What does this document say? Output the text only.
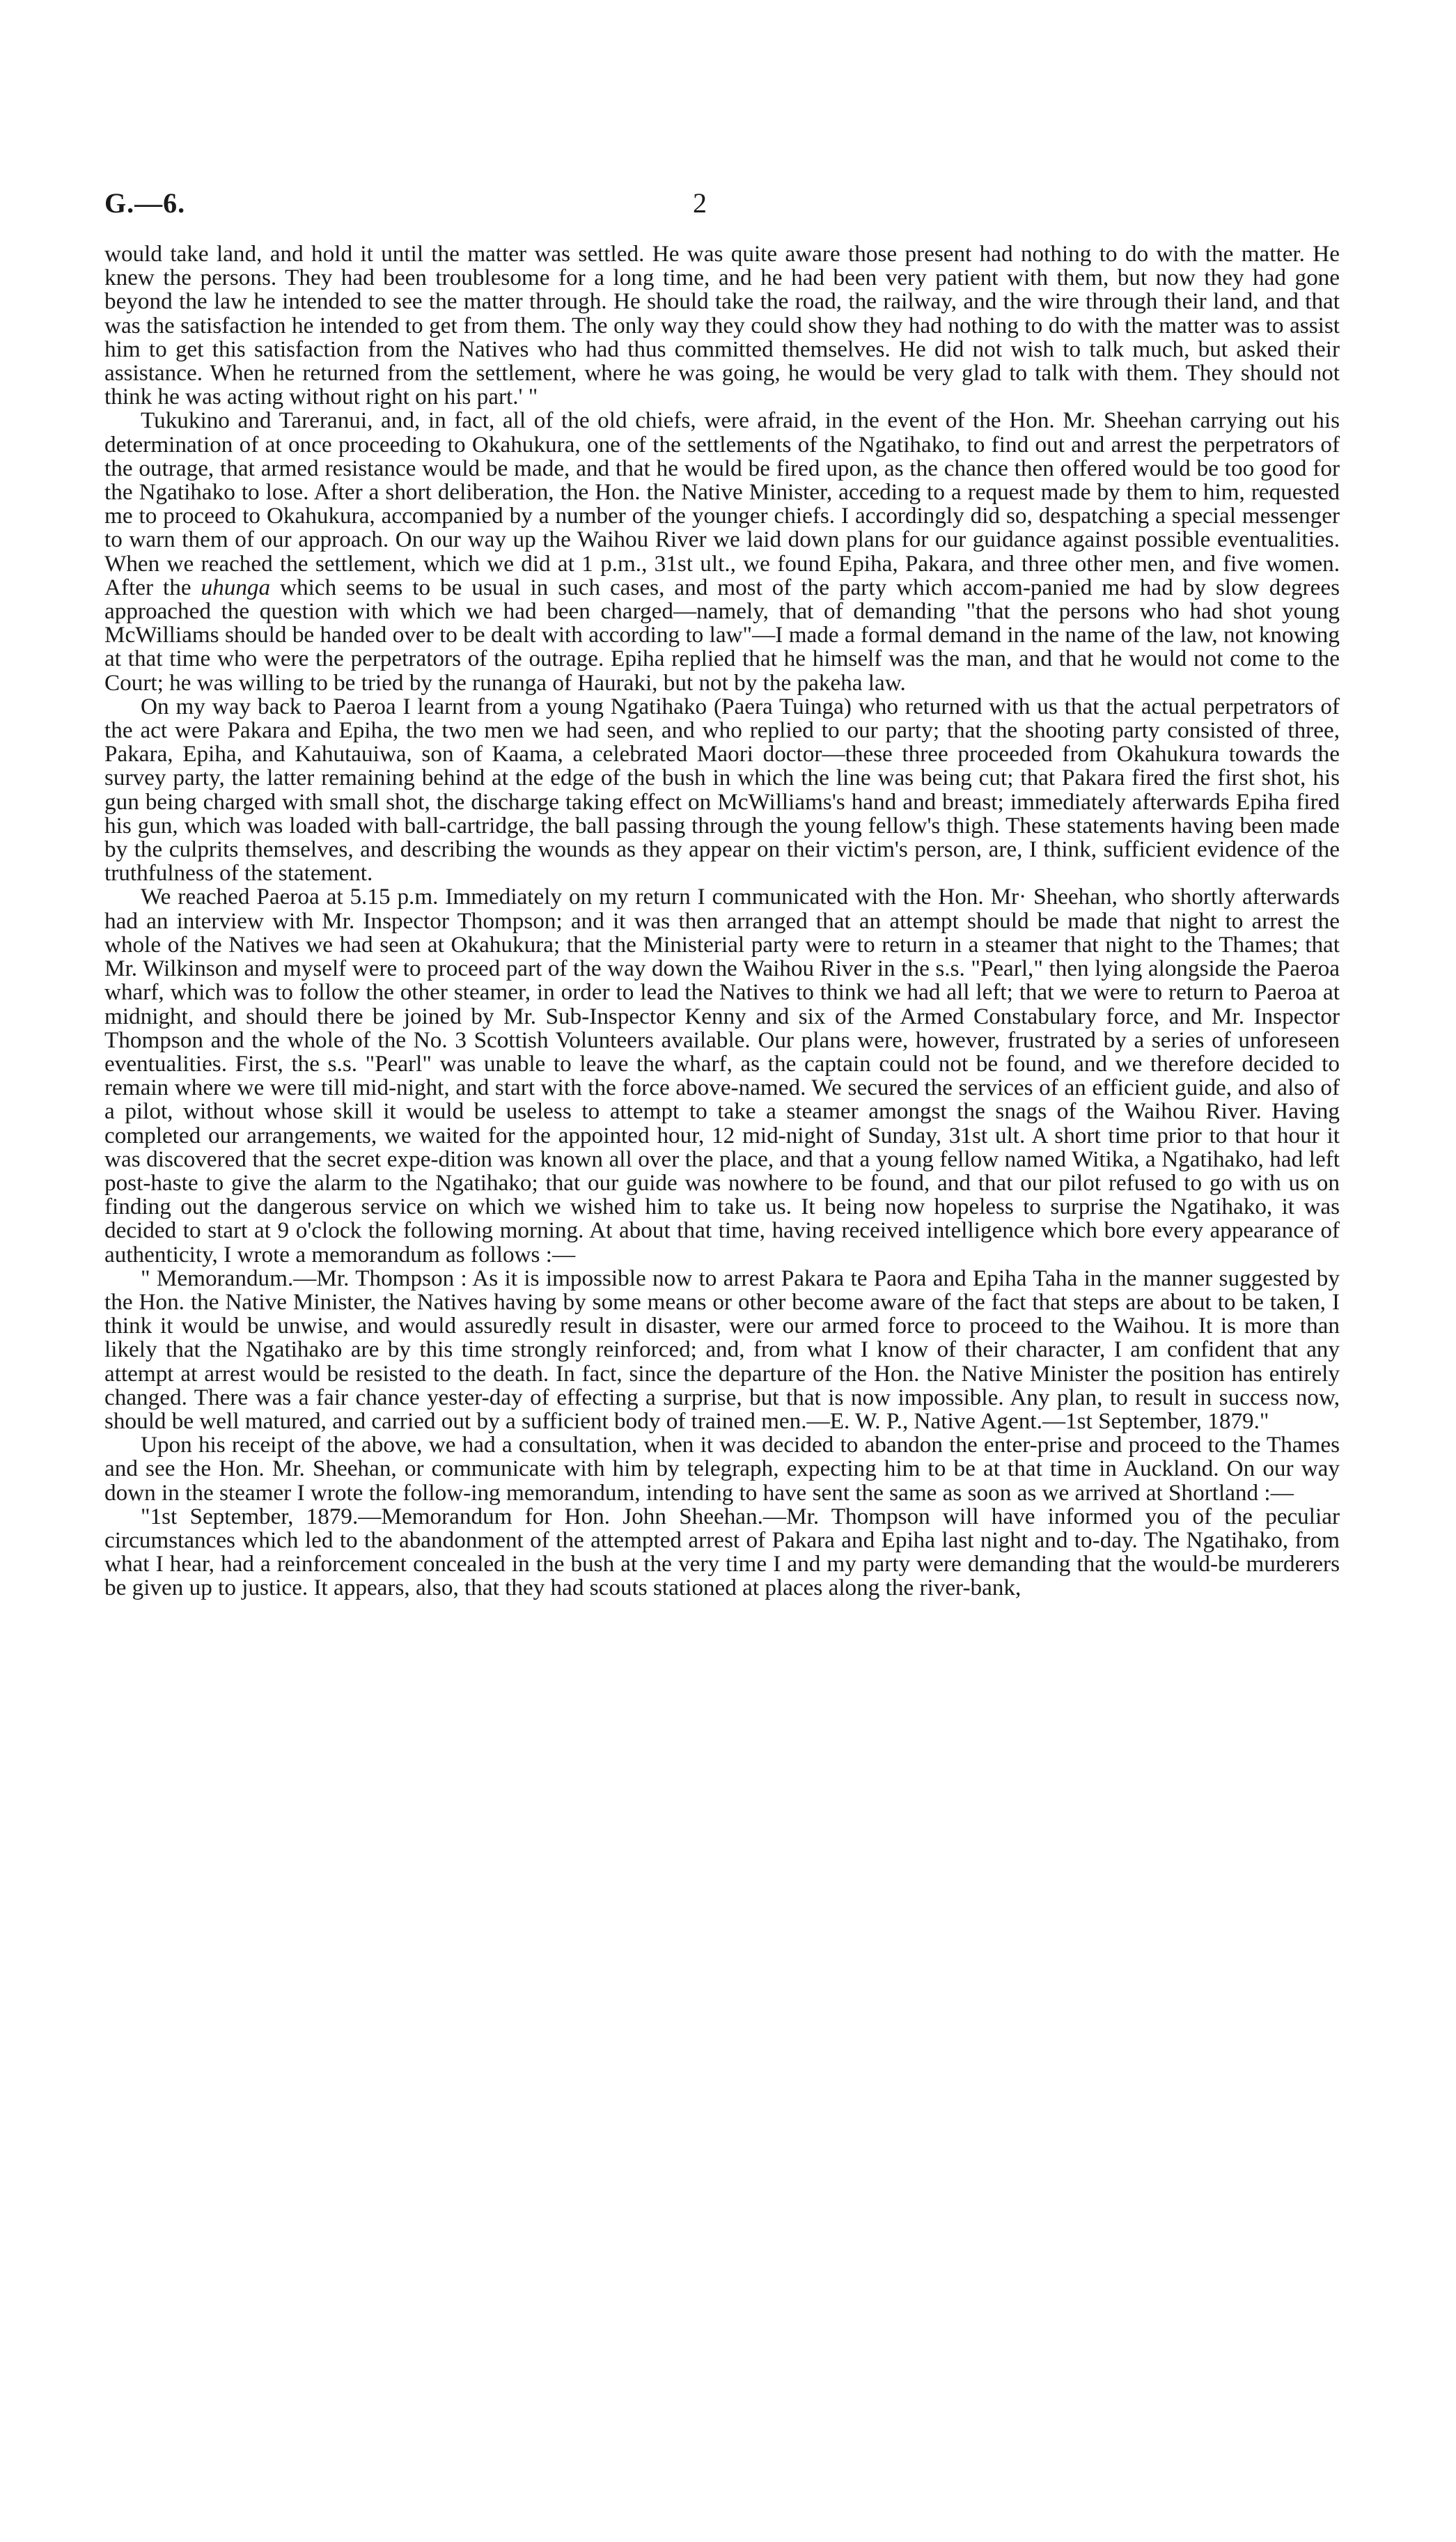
G.—6.	2

would take land, and hold it until the matter was settled. He was quite aware those present had nothing to do with the matter. He knew the persons. They had been troublesome for a long time, and he had been very patient with them, but now they had gone beyond the law he intended to see the matter through. He should take the road, the railway, and the wire through their land, and that was the satisfaction he intended to get from them. The only way they could show they had nothing to do with the matter was to assist him to get this satisfaction from the Natives who had thus committed themselves. He did not wish to talk much, but asked their assistance. When he returned from the settlement, where he was going, he would be very glad to talk with them. They should not think he was acting without right on his part.' "

Tukukino and Tareranui, and, in fact, all of the old chiefs, were afraid, in the event of the Hon. Mr. Sheehan carrying out his determination of at once proceeding to Okahukura, one of the settlements of the Ngatihako, to find out and arrest the perpetrators of the outrage, that armed resistance would be made, and that he would be fired upon, as the chance then offered would be too good for the Ngatihako to lose. After a short deliberation, the Hon. the Native Minister, acceding to a request made by them to him, requested me to proceed to Okahukura, accompanied by a number of the younger chiefs. I accordingly did so, despatching a special messenger to warn them of our approach. On our way up the Waihou River we laid down plans for our guidance against possible eventualities. When we reached the settlement, which we did at 1 p.m., 31st ult., we found Epiha, Pakara, and three other men, and five women. After the uhunga which seems to be usual in such cases, and most of the party which accom-panied me had by slow degrees approached the question with which we had been charged—namely, that of demanding "that the persons who had shot young McWilliams should be handed over to be dealt with according to law"—I made a formal demand in the name of the law, not knowing at that time who were the perpetrators of the outrage. Epiha replied that he himself was the man, and that he would not come to the Court; he was willing to be tried by the runanga of Hauraki, but not by the pakeha law.

On my way back to Paeroa I learnt from a young Ngatihako (Paera Tuinga) who returned with us that the actual perpetrators of the act were Pakara and Epiha, the two men we had seen, and who replied to our party; that the shooting party consisted of three, Pakara, Epiha, and Kahutauiwa, son of Kaama, a celebrated Maori doctor—these three proceeded from Okahukura towards the survey party, the latter remaining behind at the edge of the bush in which the line was being cut; that Pakara fired the first shot, his gun being charged with small shot, the discharge taking effect on McWilliams's hand and breast; immediately afterwards Epiha fired his gun, which was loaded with ball-cartridge, the ball passing through the young fellow's thigh. These statements having been made by the culprits themselves, and describing the wounds as they appear on their victim's person, are, I think, sufficient evidence of the truthfulness of the statement.

We reached Paeroa at 5.15 p.m. Immediately on my return I communicated with the Hon. Mr· Sheehan, who shortly afterwards had an interview with Mr. Inspector Thompson; and it was then arranged that an attempt should be made that night to arrest the whole of the Natives we had seen at Okahukura; that the Ministerial party were to return in a steamer that night to the Thames; that Mr. Wilkinson and myself were to proceed part of the way down the Waihou River in the s.s. "Pearl," then lying alongside the Paeroa wharf, which was to follow the other steamer, in order to lead the Natives to think we had all left; that we were to return to Paeroa at midnight, and should there be joined by Mr. Sub-Inspector Kenny and six of the Armed Constabulary force, and Mr. Inspector Thompson and the whole of the No. 3 Scottish Volunteers available. Our plans were, however, frustrated by a series of unforeseen eventualities. First, the s.s. "Pearl" was unable to leave the wharf, as the captain could not be found, and we therefore decided to remain where we were till mid-night, and start with the force above-named. We secured the services of an efficient guide, and also of a pilot, without whose skill it would be useless to attempt to take a steamer amongst the snags of the Waihou River. Having completed our arrangements, we waited for the appointed hour, 12 mid-night of Sunday, 31st ult. A short time prior to that hour it was discovered that the secret expe-dition was known all over the place, and that a young fellow named Witika, a Ngatihako, had left post-haste to give the alarm to the Ngatihako; that our guide was nowhere to be found, and that our pilot refused to go with us on finding out the dangerous service on which we wished him to take us. It being now hopeless to surprise the Ngatihako, it was decided to start at 9 o'clock the following morning. At about that time, having received intelligence which bore every appearance of authenticity, I wrote a memorandum as follows :—

" Memorandum.—Mr. Thompson : As it is impossible now to arrest Pakara te Paora and Epiha Taha in the manner suggested by the Hon. the Native Minister, the Natives having by some means or other become aware of the fact that steps are about to be taken, I think it would be unwise, and would assuredly result in disaster, were our armed force to proceed to the Waihou. It is more than likely that the Ngatihako are by this time strongly reinforced; and, from what I know of their character, I am confident that any attempt at arrest would be resisted to the death. In fact, since the departure of the Hon. the Native Minister the position has entirely changed. There was a fair chance yester-day of effecting a surprise, but that is now impossible. Any plan, to result in success now, should be well matured, and carried out by a sufficient body of trained men.—E. W. P., Native Agent.—1st September, 1879."

Upon his receipt of the above, we had a consultation, when it was decided to abandon the enter-prise and proceed to the Thames and see the Hon. Mr. Sheehan, or communicate with him by telegraph, expecting him to be at that time in Auckland. On our way down in the steamer I wrote the follow-ing memorandum, intending to have sent the same as soon as we arrived at Shortland :—

"1st September, 1879.—Memorandum for Hon. John Sheehan.—Mr. Thompson will have informed you of the peculiar circumstances which led to the abandonment of the attempted arrest of Pakara and Epiha last night and to-day. The Ngatihako, from what I hear, had a reinforcement concealed in the bush at the very time I and my party were demanding that the would-be murderers be given up to justice. It appears, also, that they had scouts stationed at places along the river-bank,
